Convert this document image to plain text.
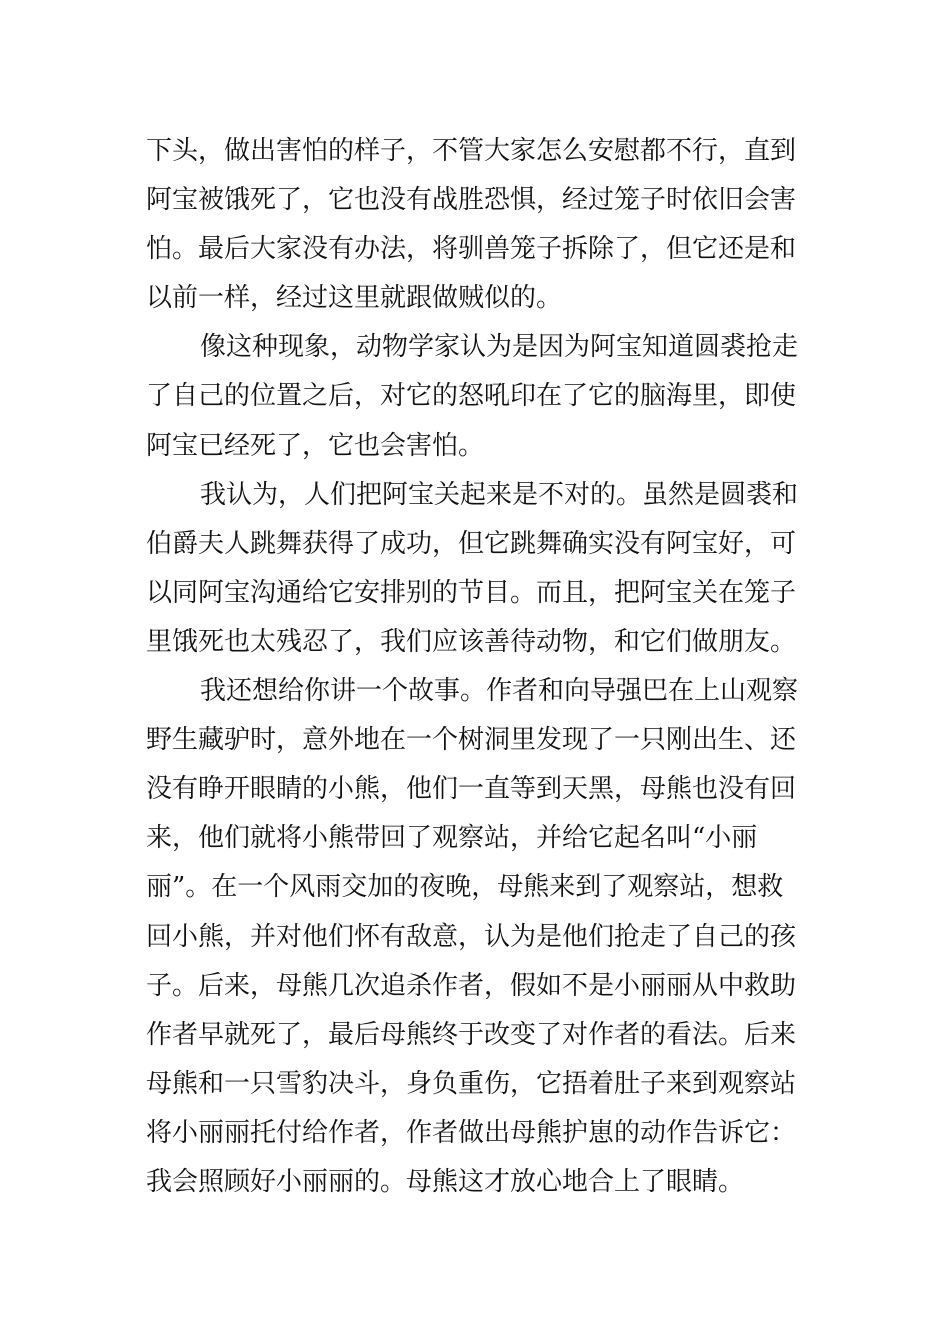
下头，做出害怕的样子，不管大家怎么安慰都不行，直到
阿宝被饿死了，它也没有战胜恐惧，经过笼子时依旧会害
怕。最后大家没有办法，将驯兽笼子拆除了，但它还是和
以前一样，经过这里就跟做贼似的。
像这种现象，动物学家认为是因为阿宝知道圆裘抢走
了自己的位置之后，对它的怒吼印在了它的脑海里，即使
阿宝已经死了，它也会害怕。
我认为，人们把阿宝关起来是不对的。虽然是圆裘和
伯爵夫人跳舞获得了成功，但它跳舞确实没有阿宝好，可
以同阿宝沟通给它安排别的节目。而且，把阿宝关在笼子
里饿死也太残忍了，我们应该善待动物，和它们做朋友。
我还想给你讲一个故事。作者和向导强巴在上山观察
野生藏驴时，意外地在一个树洞里发现了一只刚出生、还
没有睁开眼睛的小熊，他们一直等到天黑，母熊也没有回
来，他们就将小熊带回了观察站，并给它起名叫“小丽
丽”。在一个风雨交加的夜晚，母熊来到了观察站，想救
回小熊，并对他们怀有敌意，认为是他们抢走了自己的孩
子。后来，母熊几次追杀作者，假如不是小丽丽从中救助
作者早就死了，最后母熊终于改变了对作者的看法。后来
母熊和一只雪豹决斗，身负重伤，它捂着肚子来到观察站
将小丽丽托付给作者，作者做出母熊护崽的动作告诉它：
我会照顾好小丽丽的。母熊这才放心地合上了眼睛。
